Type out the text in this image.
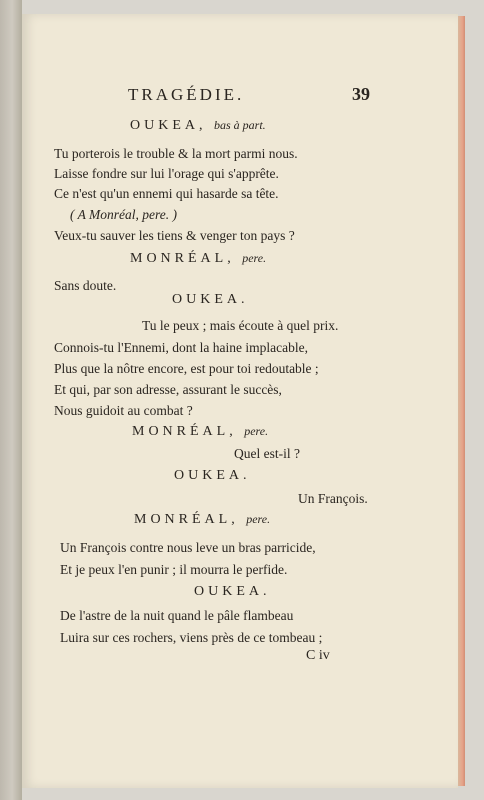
TRAGÉDIE.	39
OUKEA, bas à part.
Tu porterois le trouble & la mort parmi nous.
Laisse fondre sur lui l'orage qui s'apprête.
Ce n'est qu'un ennemi qui hasarde sa tête.
( A Monréal, pere. )
Veux-tu sauver les tiens & venger ton pays ?
MONRÉAL, pere.
Sans doute.
OUKEA.
Tu le peux ; mais écoute à quel prix.
Connois-tu l'Ennemi, dont la haine implacable,
Plus que la nôtre encore, est pour toi redoutable ;
Et qui, par son adresse, assurant le succès,
Nous guidoit au combat ?
MONRÉAL, pere.
Quel est-il ?
OUKEA.
Un François.
MONRÉAL, pere.
Un François contre nous leve un bras parricide,
Et je peux l'en punir ; il mourra le perfide.
OUKEA.
De l'astre de la nuit quand le pâle flambeau
Luira sur ces rochers, viens près de ce tombeau ;
C iv
